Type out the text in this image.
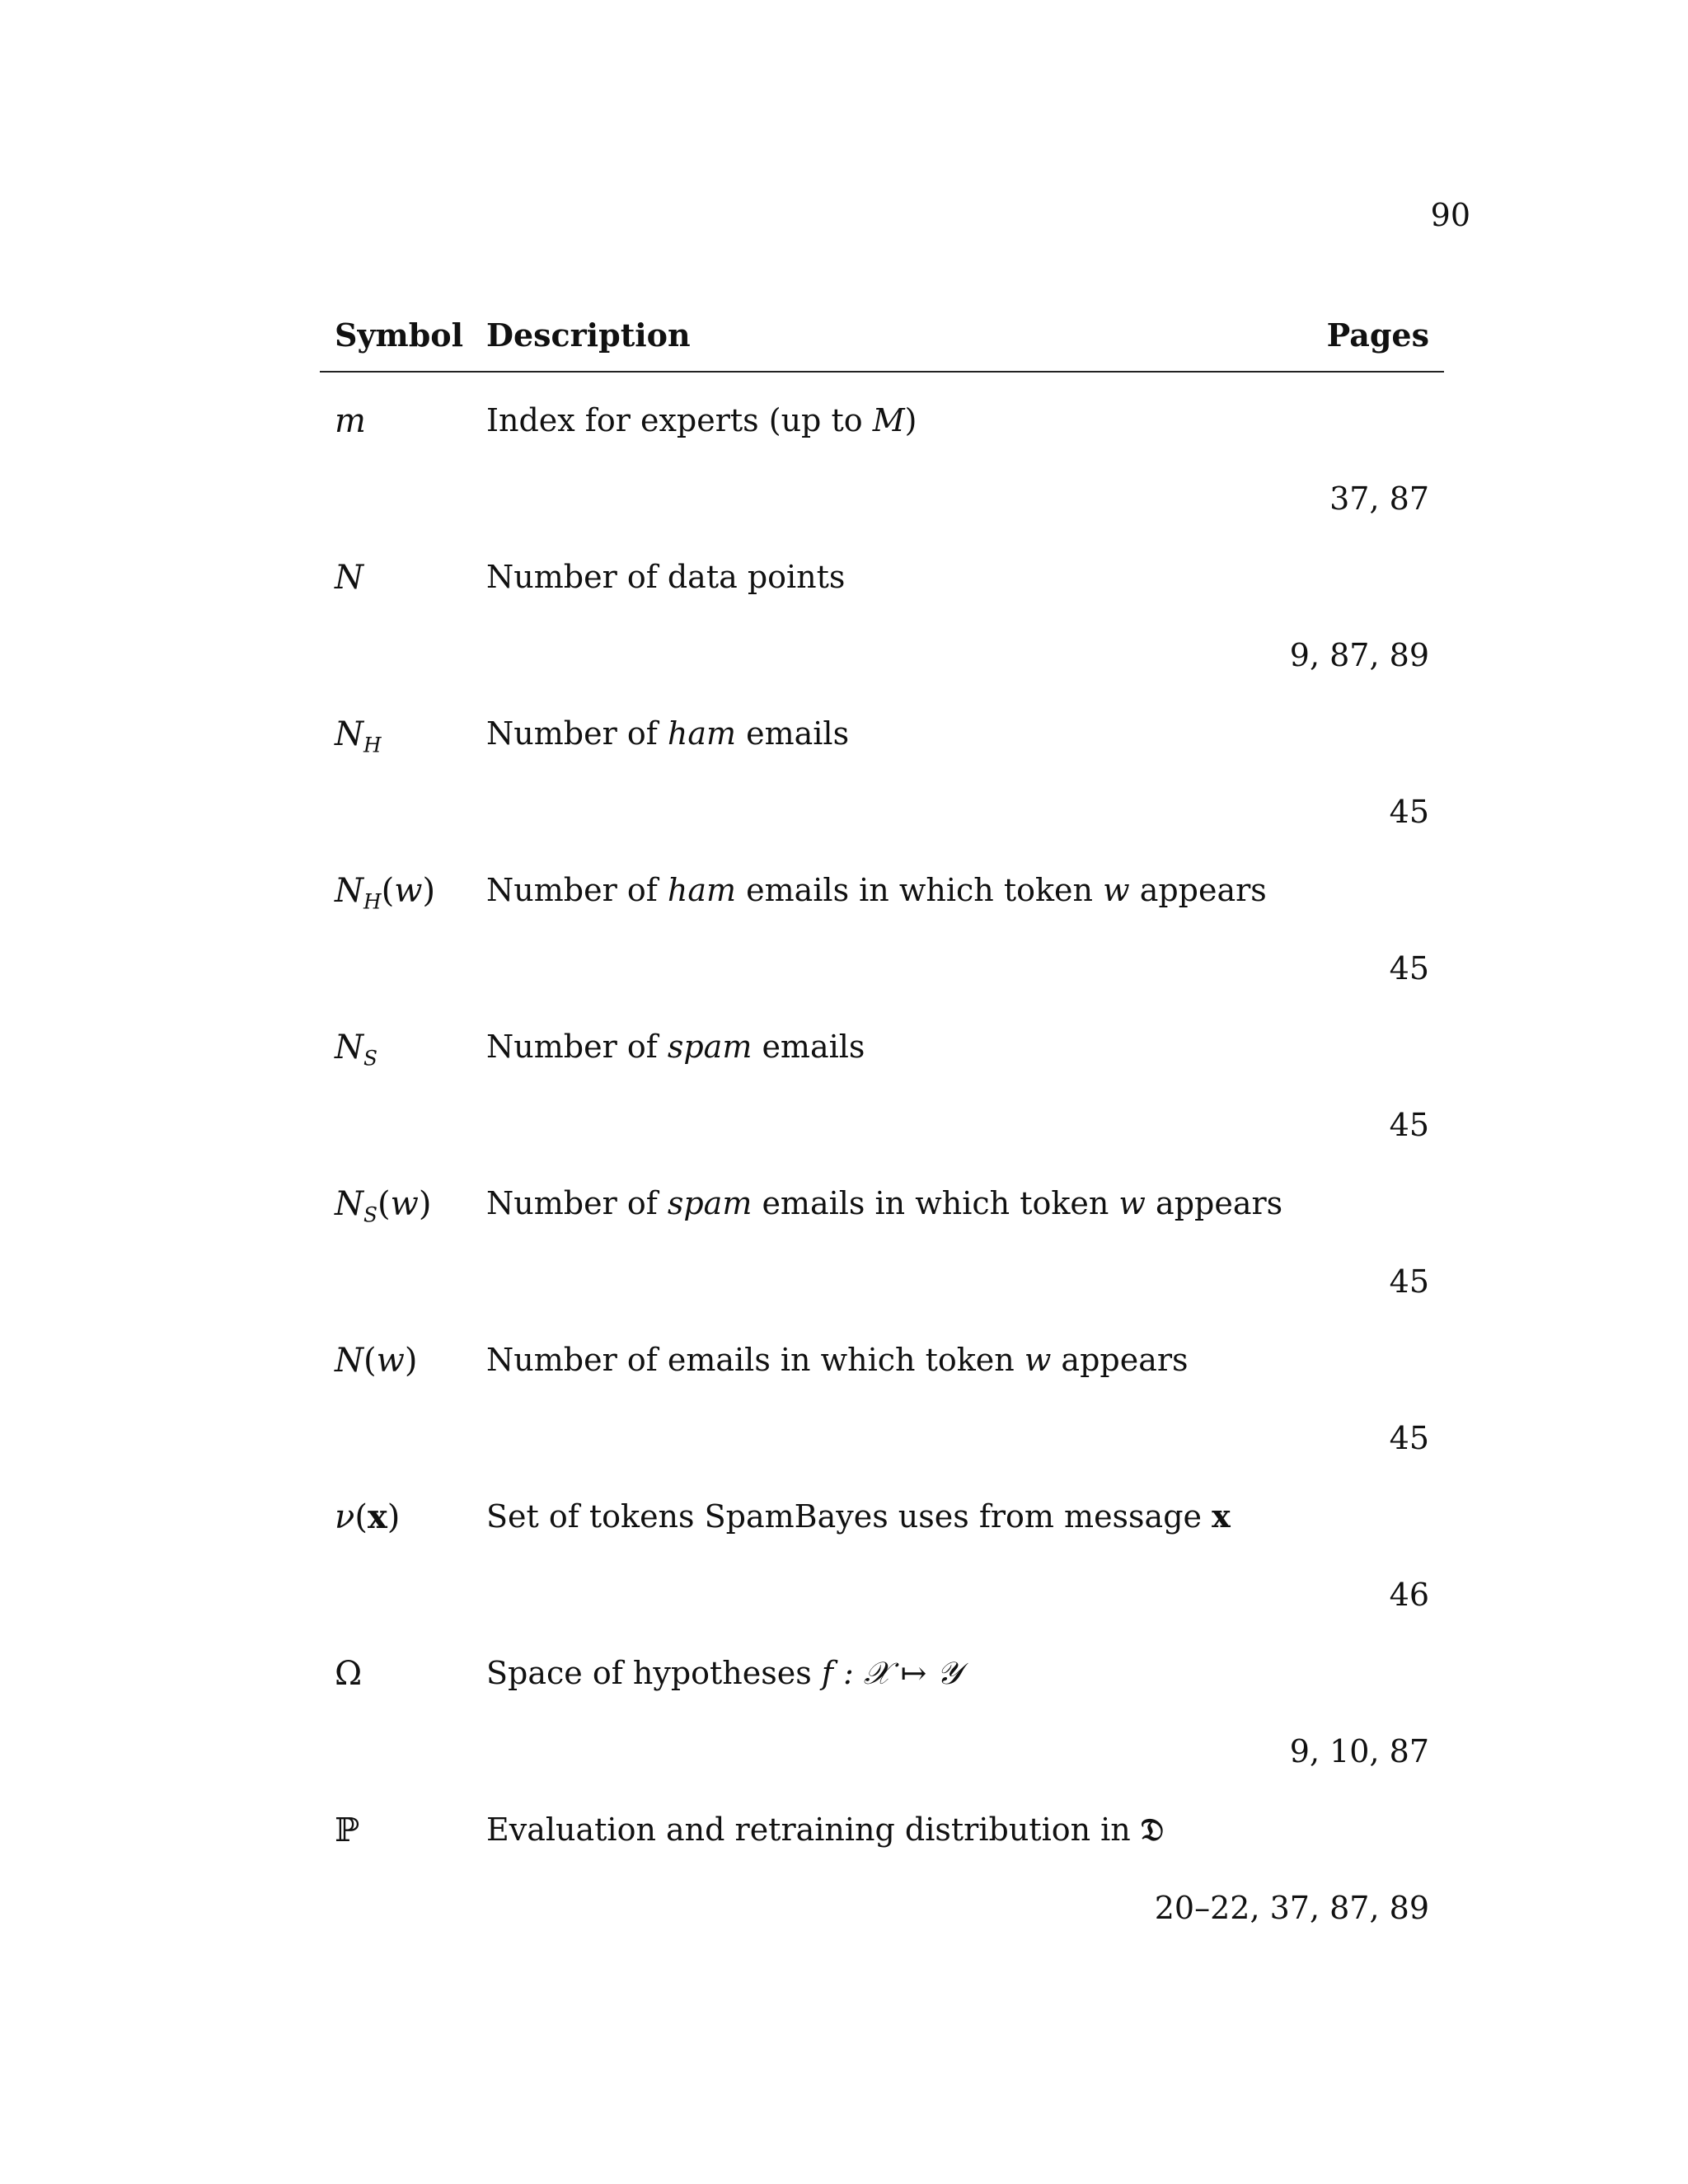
90
Symbol Description	Pages
m	Index for experts (up to M)
37, 87
N	Number of data points
9, 87, 89
$N_H$	Number of ham emails
45
$N_H(w)$ Number of ham emails in which token w appears
45
$N_S$	Number of spam emails
45
$N_S(w)$ Number of spam emails in which token w appears
45
N(w) Number of emails in which token w appears
45
ν(x)	Set of tokens SpamBayes uses from message x
46
Ω	Space of hypotheses f : 𝒳 ↦ 𝒴
9, 10, 87
ℙ	Evaluation and retraining distribution in 𝔇
20–22, 37, 87, 89
